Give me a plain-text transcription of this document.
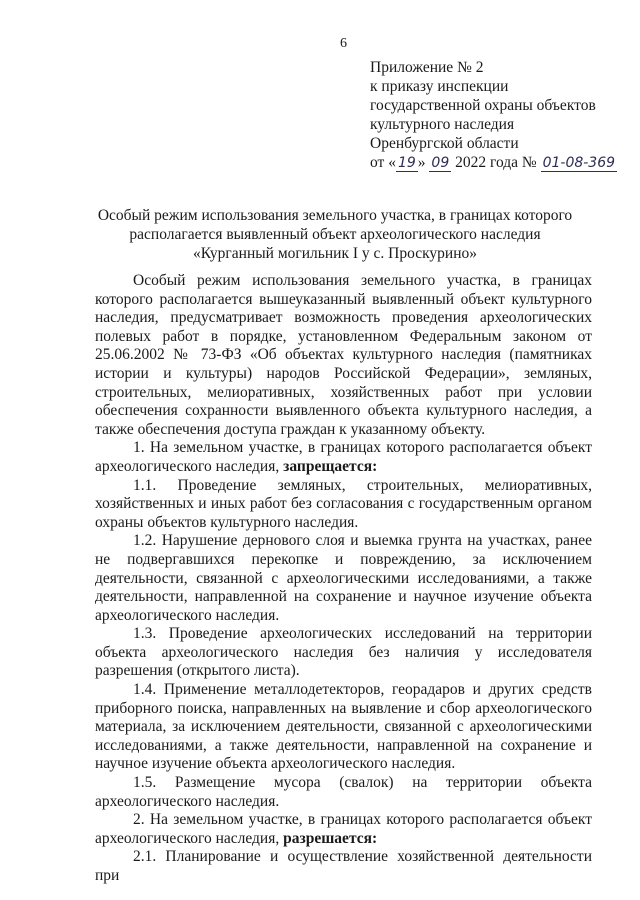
6
Приложение № 2
к приказу инспекции
государственной охраны объектов
культурного наследия
Оренбургской области
от « 19 » 09 2022 года № 01-08-369
Особый режим использования земельного участка, в границах которого располагается выявленный объект археологического наследия «Курганный могильник I у с. Проскурино»

Особый режим использования земельного участка, в границах которого располагается вышеуказанный выявленный объект культурного наследия, предусматривает возможность проведения археологических полевых работ в порядке, установленном Федеральным законом от 25.06.2002 № 73-ФЗ «Об объектах культурного наследия (памятниках истории и культуры) народов Российской Федерации», земляных, строительных, мелиоративных, хозяйственных работ при условии обеспечения сохранности выявленного объекта культурного наследия, а также обеспечения доступа граждан к указанному объекту.

1. На земельном участке, в границах которого располагается объект археологического наследия, запрещается:

1.1. Проведение земляных, строительных, мелиоративных, хозяйственных и иных работ без согласования с государственным органом охраны объектов культурного наследия.

1.2. Нарушение дернового слоя и выемка грунта на участках, ранее не подвергавшихся перекопке и повреждению, за исключением деятельности, связанной с археологическими исследованиями, а также деятельности, направленной на сохранение и научное изучение объекта археологического наследия.

1.3. Проведение археологических исследований на территории объекта археологического наследия без наличия у исследователя разрешения (открытого листа).

1.4. Применение металлодетекторов, георадаров и других средств приборного поиска, направленных на выявление и сбор археологического материала, за исключением деятельности, связанной с археологическими исследованиями, а также деятельности, направленной на сохранение и научное изучение объекта археологического наследия.

1.5. Размещение мусора (свалок) на территории объекта археологического наследия.

2. На земельном участке, в границах которого располагается объект археологического наследия, разрешается:

2.1. Планирование и осуществление хозяйственной деятельности при
